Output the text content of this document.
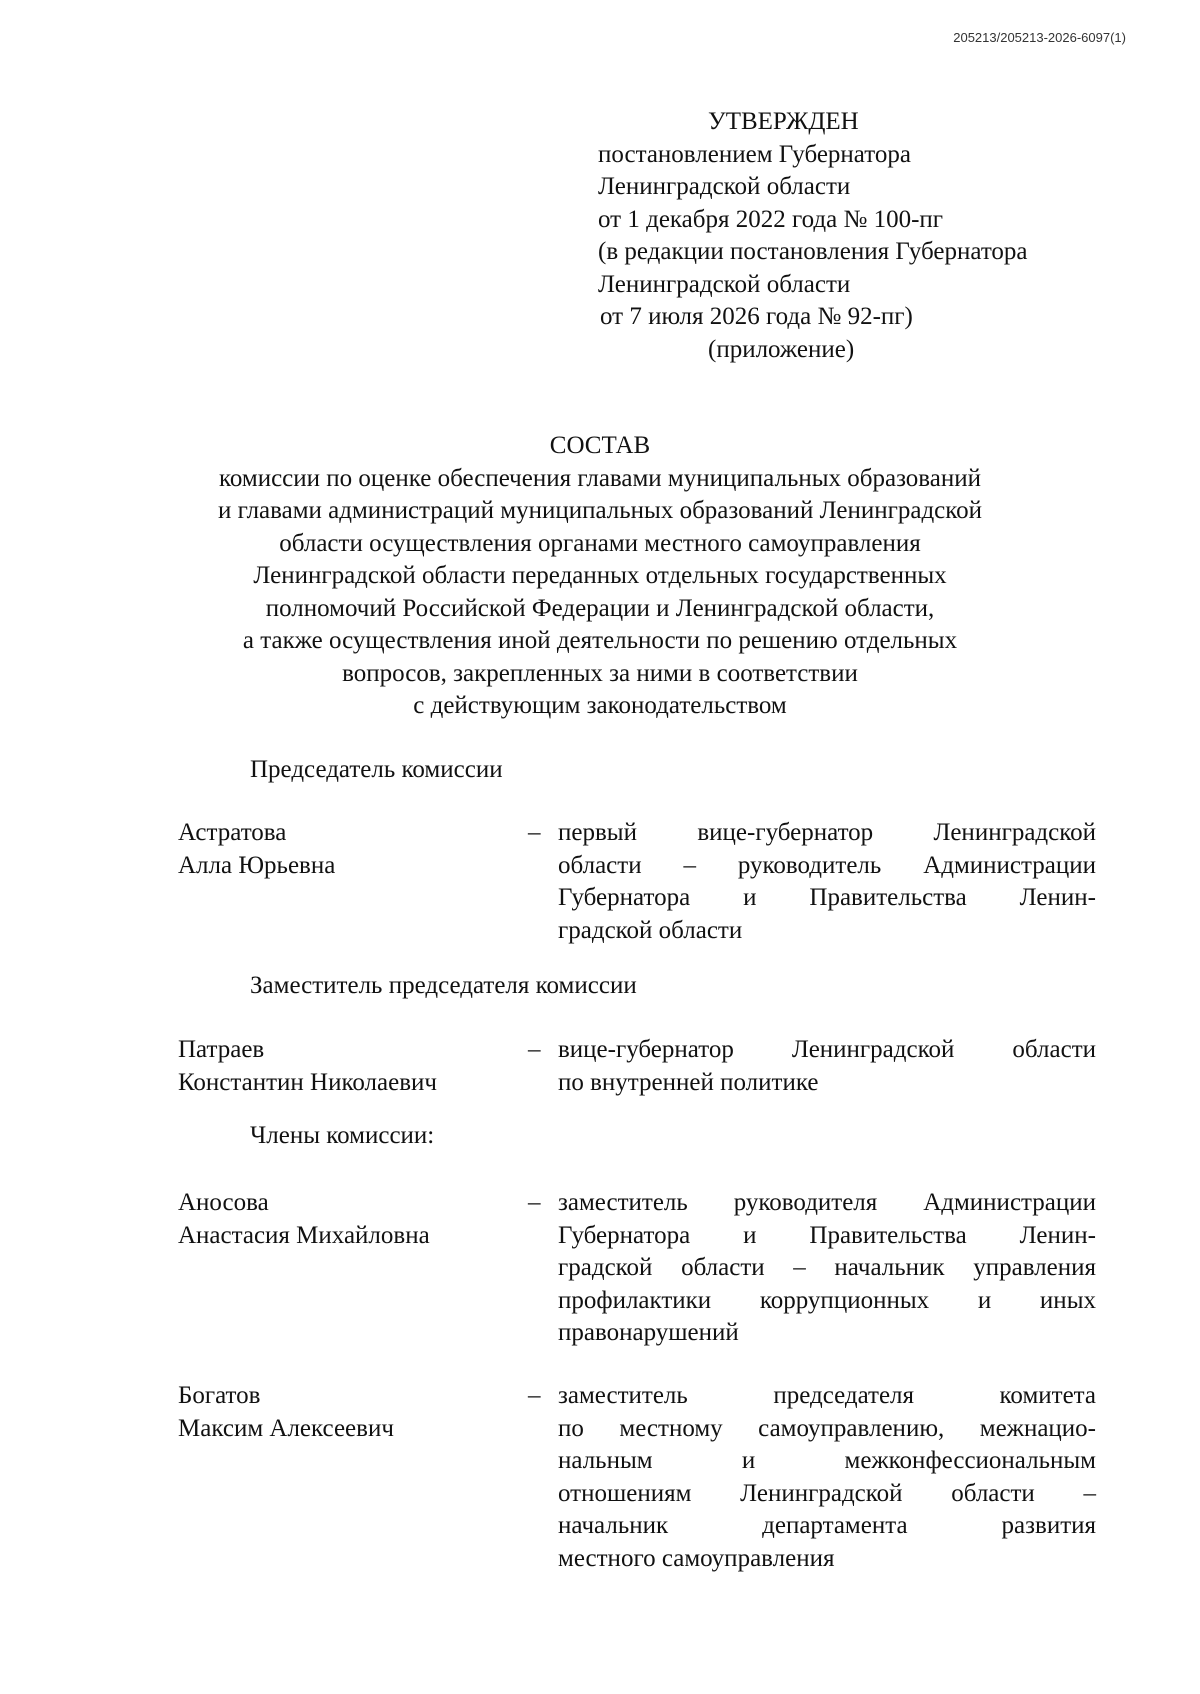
205213/205213-2026-6097(1)
УТВЕРЖДЕН
постановлением Губернатора
Ленинградской области
от 1 декабря 2022 года № 100-пг
(в редакции постановления Губернатора
Ленинградской области
от 7 июля 2026 года № 92-пг)
(приложение)
СОСТАВ
комиссии по оценке обеспечения главами муниципальных образований
и главами администраций муниципальных образований Ленинградской
области осуществления органами местного самоуправления
Ленинградской области переданных отдельных государственных
полномочий Российской Федерации и Ленинградской области,
а также осуществления иной деятельности по решению отдельных
вопросов, закрепленных за ними в соответствии
с действующим законодательством
Председатель комиссии
Астратова
Алла Юрьевна
– первый вице-губернатор Ленинградской
области – руководитель Администрации
Губернатора и Правительства Ленин-
градской области
Заместитель председателя комиссии
Патраев
Константин Николаевич
– вице-губернатор Ленинградской области
по внутренней политике
Члены комиссии:
Аносова
Анастасия Михайловна
– заместитель руководителя Администрации
Губернатора и Правительства Ленин-
градской области – начальник управления
профилактики коррупционных и иных
правонарушений
Богатов
Максим Алексеевич
– заместитель председателя комитета
по местному самоуправлению, межнацио-
нальным и межконфессиональным
отношениям Ленинградской области –
начальник департамента развития
местного самоуправления
